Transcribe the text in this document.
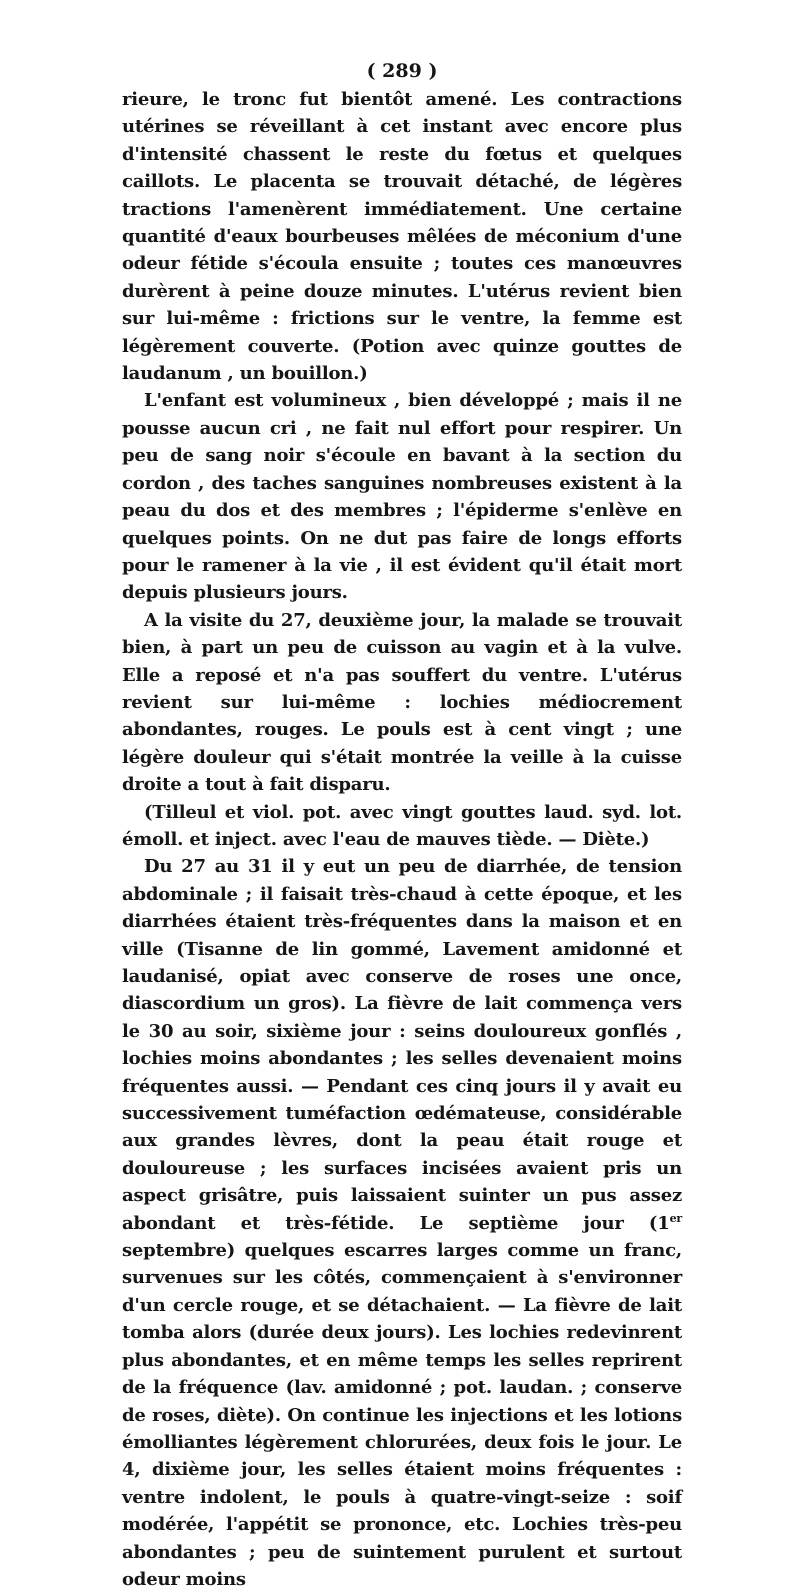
( 289 )

rieure, le tronc fut bientôt amené. Les contractions utérines se réveillant à cet instant avec encore plus d'intensité chassent le reste du fœtus et quelques caillots. Le placenta se trouvait détaché, de légères tractions l'amenèrent immédiatement. Une certaine quantité d'eaux bourbeuses mêlées de méconium d'une odeur fétide s'écoula ensuite ; toutes ces manœuvres durèrent à peine douze minutes. L'utérus revient bien sur lui-même : frictions sur le ventre, la femme est légèrement couverte. (Potion avec quinze gouttes de laudanum , un bouillon.)

L'enfant est volumineux , bien développé ; mais il ne pousse aucun cri , ne fait nul effort pour respirer. Un peu de sang noir s'écoule en bavant à la section du cordon , des taches sanguines nombreuses existent à la peau du dos et des membres ; l'épiderme s'enlève en quelques points. On ne dut pas faire de longs efforts pour le ramener à la vie , il est évident qu'il était mort depuis plusieurs jours.

A la visite du 27, deuxième jour, la malade se trouvait bien, à part un peu de cuisson au vagin et à la vulve. Elle a reposé et n'a pas souffert du ventre. L'utérus revient sur lui-même : lochies médiocrement abondantes, rouges. Le pouls est à cent vingt ; une légère douleur qui s'était montrée la veille à la cuisse droite a tout à fait disparu.

(Tilleul et viol. pot. avec vingt gouttes laud. syd. lot. émoll. et inject. avec l'eau de mauves tiède. — Diète.)

Du 27 au 31 il y eut un peu de diarrhée, de tension abdominale ; il faisait très-chaud à cette époque, et les diarrhées étaient très-fréquentes dans la maison et en ville (Tisanne de lin gommé, Lavement amidonné et laudanisé, opiat avec conserve de roses une once, diascordium un gros). La fièvre de lait commença vers le 30 au soir, sixième jour : seins douloureux gonflés , lochies moins abondantes ; les selles devenaient moins fréquentes aussi. — Pendant ces cinq jours il y avait eu successivement tuméfaction œdémateuse, considérable aux grandes lèvres, dont la peau était rouge et douloureuse ; les surfaces incisées avaient pris un aspect grisâtre, puis laissaient suinter un pus assez abondant et très-fétide. Le septième jour (1er septembre) quelques escarres larges comme un franc, survenues sur les côtés, commençaient à s'environner d'un cercle rouge, et se détachaient. — La fièvre de lait tomba alors (durée deux jours). Les lochies redevinrent plus abondantes, et en même temps les selles reprirent de la fréquence (lav. amidonné ; pot. laudan. ; conserve de roses, diète). On continue les injections et les lotions émolliantes légèrement chlorurées, deux fois le jour. Le 4, dixième jour, les selles étaient moins fréquentes : ventre indolent, le pouls à quatre-vingt-seize : soif modérée, l'appétit se prononce, etc. Lochies très-peu abondantes ; peu de suintement purulent et surtout odeur moins
